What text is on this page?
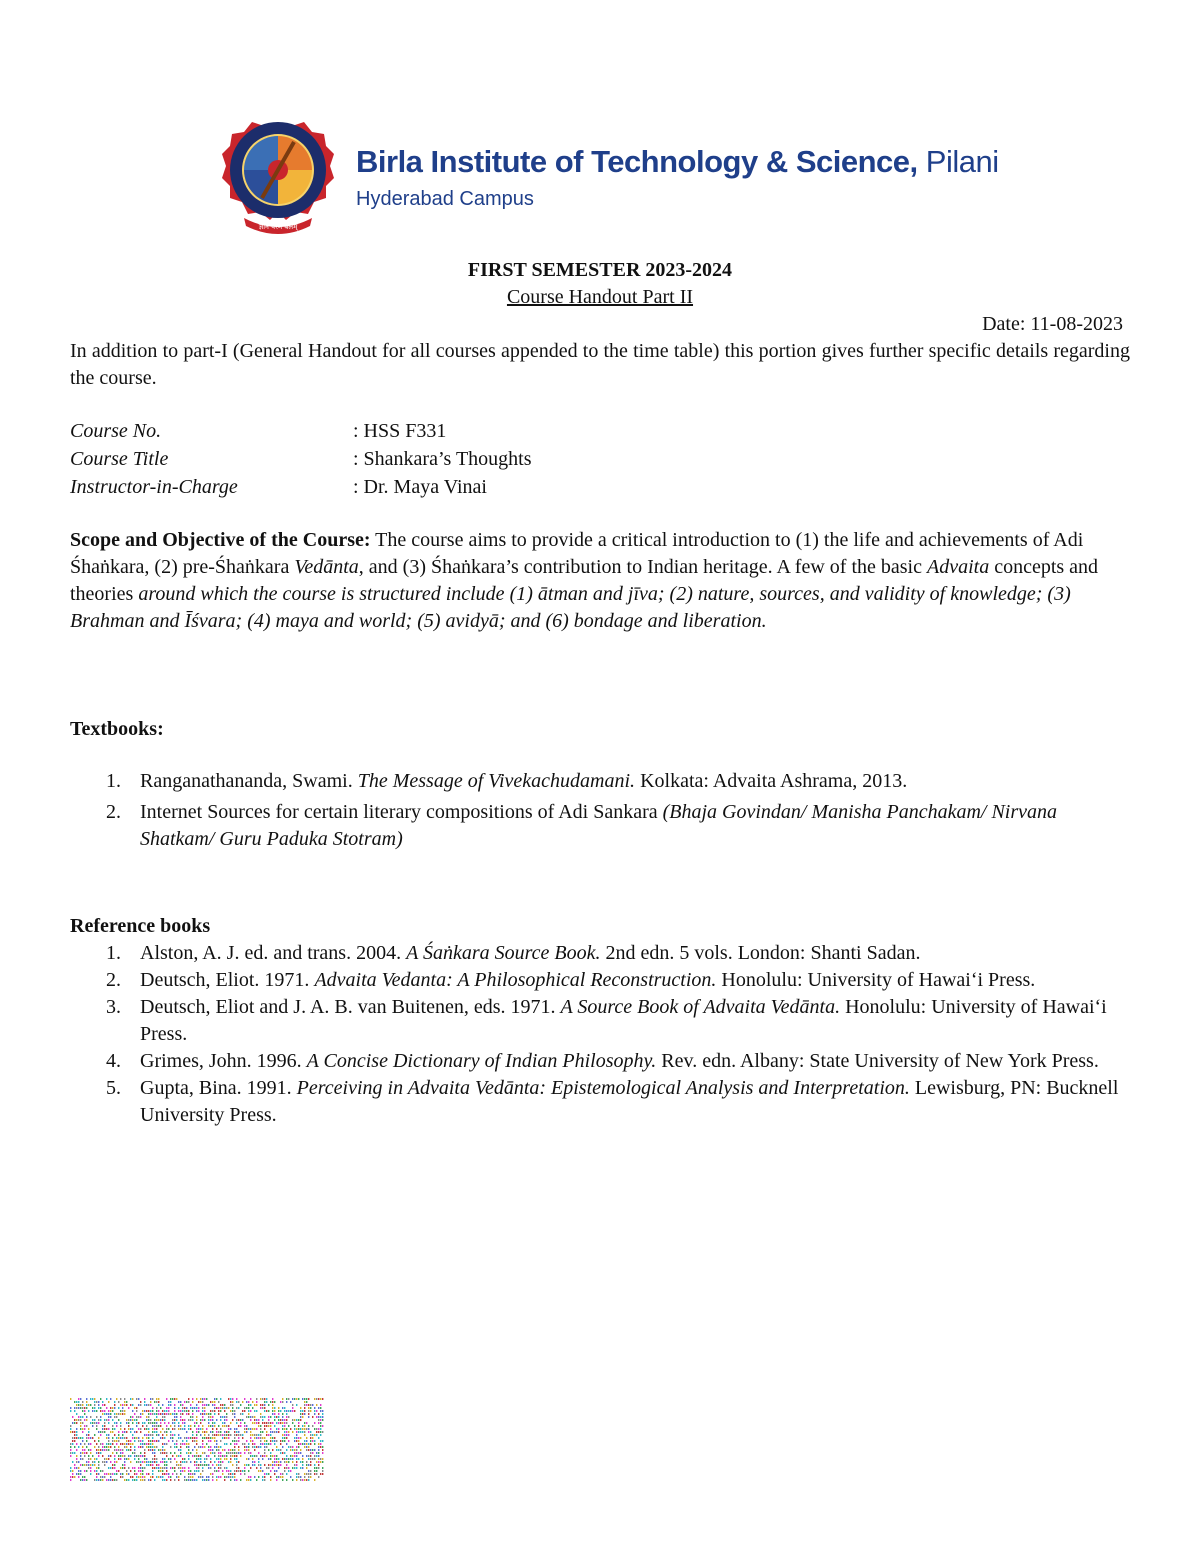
ज्ञानं परमं बलम्
Birla Institute of Technology & Science, Pilani
Hyderabad Campus
FIRST SEMESTER 2023-2024
Course Handout Part II
Date: 11-08-2023
In addition to part-I (General Handout for all courses appended to the time table) this portion gives further specific details regarding the course.
Course No.	: HSS F331
Course Title	: Shankara’s Thoughts
Instructor-in-Charge	: Dr. Maya Vinai
Scope and Objective of the Course: The course aims to provide a critical introduction to (1) the life and achievements of Adi Śhaṅkara, (2) pre-Śhaṅkara Vedānta, and (3) Śhaṅkara’s contribution to Indian heritage. A few of the basic Advaita concepts and theories around which the course is structured include (1) ātman and jīva; (2) nature, sources, and validity of knowledge; (3) Brahman and Īśvara; (4) maya and world; (5) avidyā; and (6) bondage and liberation.
Textbooks:
1. Ranganathananda, Swami. The Message of Vivekachudamani. Kolkata: Advaita Ashrama, 2013.
2. Internet Sources for certain literary compositions of Adi Sankara (Bhaja Govindan/ Manisha Panchakam/ Nirvana Shatkam/ Guru Paduka Stotram)
Reference books
1. Alston, A. J. ed. and trans. 2004. A Śaṅkara Source Book. 2nd edn. 5 vols. London: Shanti Sadan.
2. Deutsch, Eliot. 1971. Advaita Vedanta: A Philosophical Reconstruction. Honolulu: University of Hawai‘i Press.
3. Deutsch, Eliot and J. A. B. van Buitenen, eds. 1971. A Source Book of Advaita Vedānta. Honolulu: University of Hawai‘i Press.
4. Grimes, John. 1996. A Concise Dictionary of Indian Philosophy. Rev. edn. Albany: State University of New York Press.
5. Gupta, Bina. 1991. Perceiving in Advaita Vedānta: Epistemological Analysis and Interpretation. Lewisburg, PN: Bucknell University Press.
